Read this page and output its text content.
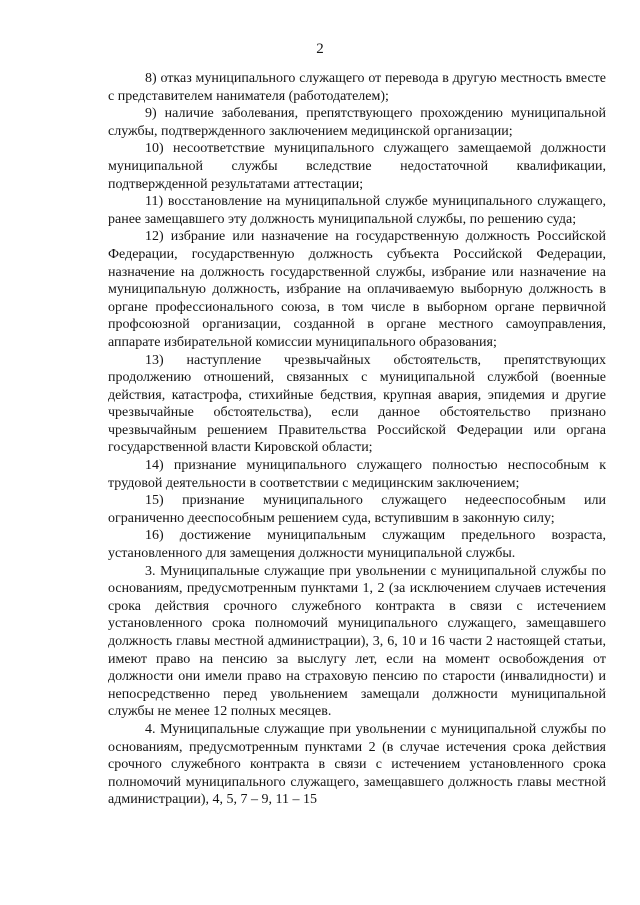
2

8) отказ муниципального служащего от перевода в другую местность вместе с представителем нанимателя (работодателем);

9) наличие заболевания, препятствующего прохождению муниципальной службы, подтвержденного заключением медицинской организации;

10) несоответствие муниципального служащего замещаемой должности муниципальной службы вследствие недостаточной квалификации, подтвержденной результатами аттестации;

11) восстановление на муниципальной службе муниципального служащего, ранее замещавшего эту должность муниципальной службы, по решению суда;

12) избрание или назначение на государственную должность Российской Федерации, государственную должность субъекта Российской Федерации, назначение на должность государственной службы, избрание или назначение на муниципальную должность, избрание на оплачиваемую выборную должность в органе профессионального союза, в том числе в выборном органе первичной профсоюзной организации, созданной в органе местного самоуправления, аппарате избирательной комиссии муниципального образования;

13) наступление чрезвычайных обстоятельств, препятствующих продолжению отношений, связанных с муниципальной службой (военные действия, катастрофа, стихийные бедствия, крупная авария, эпидемия и другие чрезвычайные обстоятельства), если данное обстоятельство признано чрезвычайным решением Правительства Российской Федерации или органа государственной власти Кировской области;

14) признание муниципального служащего полностью неспособным к трудовой деятельности в соответствии с медицинским заключением;

15) признание муниципального служащего недееспособным или ограниченно дееспособным решением суда, вступившим в законную силу;

16) достижение муниципальным служащим предельного возраста, установленного для замещения должности муниципальной службы.

3. Муниципальные служащие при увольнении с муниципальной службы по основаниям, предусмотренным пунктами 1, 2 (за исключением случаев истечения срока действия срочного служебного контракта в связи с истечением установленного срока полномочий муниципального служащего, замещавшего должность главы местной администрации), 3, 6, 10 и 16 части 2 настоящей статьи, имеют право на пенсию за выслугу лет, если на момент освобождения от должности они имели право на страховую пенсию по старости (инвалидности) и непосредственно перед увольнением замещали должности муниципальной службы не менее 12 полных месяцев.

4. Муниципальные служащие при увольнении с муниципальной службы по основаниям, предусмотренным пунктами 2 (в случае истечения срока действия срочного служебного контракта в связи с истечением установленного срока полномочий муниципального служащего, замещавшего должность главы местной администрации), 4, 5, 7 – 9, 11 – 15
